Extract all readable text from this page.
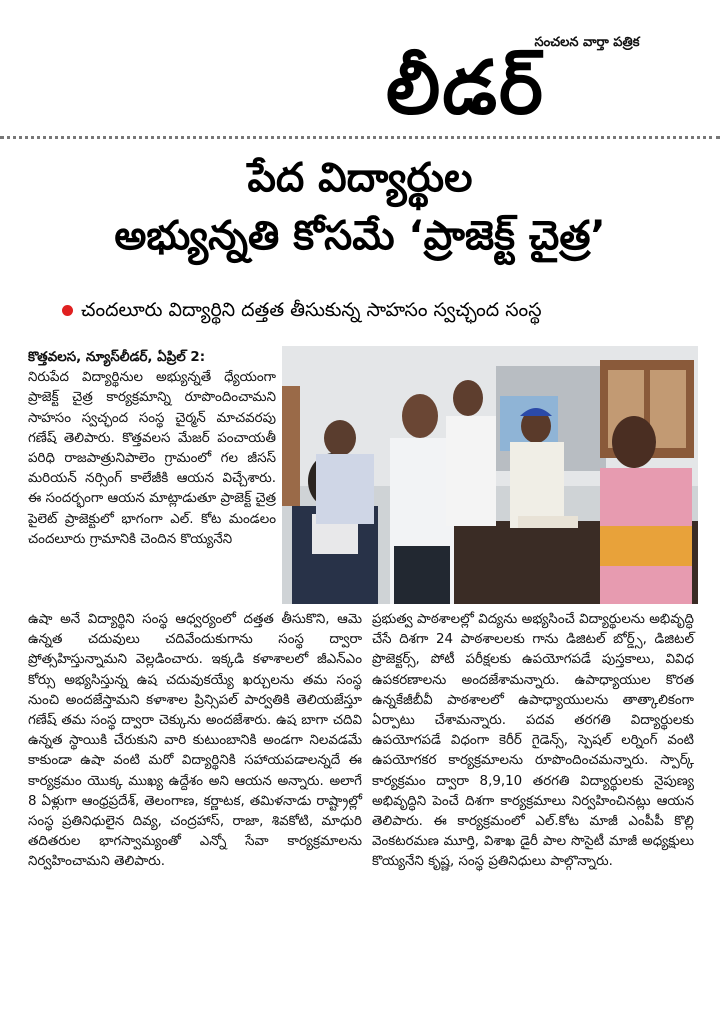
సంచలన వార్తా పత్రిక
లీడర్
పేద విద్యార్థుల
అభ్యున్నతి కోసమే ‘ప్రాజెక్ట్ చైత్ర’
చందలూరు విద్యార్థిని దత్తత తీసుకున్న సాహసం స్వచ్ఛంద సంస్థ

కొత్తవలస, న్యూస్‌లీడర్, ఏప్రిల్ 2:

నిరుపేద విద్యార్థినుల అభ్యున్నతే ధ్యేయంగా ప్రాజెక్ట్ చైత్ర కార్యక్రమాన్ని రూపొందించామని సాహసం స్వచ్ఛంద సంస్థ చైర్మన్ మాచవరపు గణేష్ తెలిపారు. కొత్తవలస మేజర్ పంచాయతీ పరిధి రాజపాత్రునిపాలెం గ్రామంలో గల జీసస్ మరియన్ నర్సింగ్ కాలేజీకి ఆయన విచ్చేశారు. ఈ సందర్భంగా ఆయన మాట్లాడుతూ ప్రాజెక్ట్ చైత్ర పైలెట్ ప్రాజెక్టులో భాగంగా ఎల్. కోట మండలం చందలూరు గ్రామానికి చెందిన కొయ్యనేని

ఉషా అనే విద్యార్థిని సంస్థ ఆధ్వర్యంలో దత్తత తీసుకొని, ఆమె ఉన్నత చదువులు చదివేందుకుగాను సంస్థ ద్వారా ప్రోత్సహిస్తున్నామని వెల్లడించారు. ఇక్కడి కళాశాలలో జీఎన్ఎం కోర్సు అభ్యసిస్తున్న ఉష చదువుకయ్యే ఖర్చులను తమ సంస్థ నుంచి అందజేస్తామని కళాశాల ప్రిన్సిపల్ పార్వతికి తెలియజేస్తూ గణేష్ తమ సంస్థ ద్వారా చెక్కును అందజేశారు. ఉష బాగా చదివి ఉన్నత స్థాయికి చేరుకుని వారి కుటుంబానికి అండగా నిలవడమే కాకుండా ఉషా వంటి మరో విద్యార్థినికి సహాయపడాలన్నదే ఈ కార్యక్రమం యొక్క ముఖ్య ఉద్దేశం అని ఆయన అన్నారు. అలాగే 8 ఏళ్లుగా ఆంధ్రప్రదేశ్, తెలంగాణ, కర్ణాటక, తమిళనాడు రాష్ట్రాల్లో సంస్థ ప్రతినిధులైన దివ్య, చంద్రహాస్, రాజా, శివకోటి, మాధురి తదితరుల భాగస్వామ్యంతో ఎన్నో సేవా కార్యక్రమాలను నిర్వహించామని తెలిపారు.

ప్రభుత్వ పాఠశాలల్లో విద్యను అభ్యసించే విద్యార్థులను అభివృద్ధి చేసే దిశగా 24 పాఠశాలలకు గాను డిజిటల్ బోర్డ్స్, డిజిటల్ ప్రొజెక్టర్స్, పోటీ పరీక్షలకు ఉపయోగపడే పుస్తకాలు, వివిధ ఉపకరణాలను అందజేశామన్నారు. ఉపాధ్యాయుల కొరత ఉన్నకేజీబీవీ పాఠశాలలో ఉపాధ్యాయులను తాత్కాలికంగా ఏర్పాటు చేశామన్నారు. పదవ తరగతి విద్యార్థులకు ఉపయోగపడే విధంగా కెరీర్ గైడెన్స్, స్పెషల్ లర్నింగ్ వంటి ఉపయోగకర కార్యక్రమాలను రూపొందించమన్నారు. స్పార్క్ కార్యక్రమం ద్వారా 8,9,10 తరగతి విద్యార్థులకు నైపుణ్య అభివృద్ధిని పెంచే దిశగా కార్యక్రమాలు నిర్వహించినట్లు ఆయన తెలిపారు. ఈ కార్యక్రమంలో ఎల్.కోట మాజీ ఎంపీపీ కొల్లి వెంకటరమణ మూర్తి, విశాఖ డైరీ పాల సొసైటీ మాజీ అధ్యక్షులు కొయ్యనేని కృష్ణ, సంస్థ ప్రతినిధులు పాల్గొన్నారు.
